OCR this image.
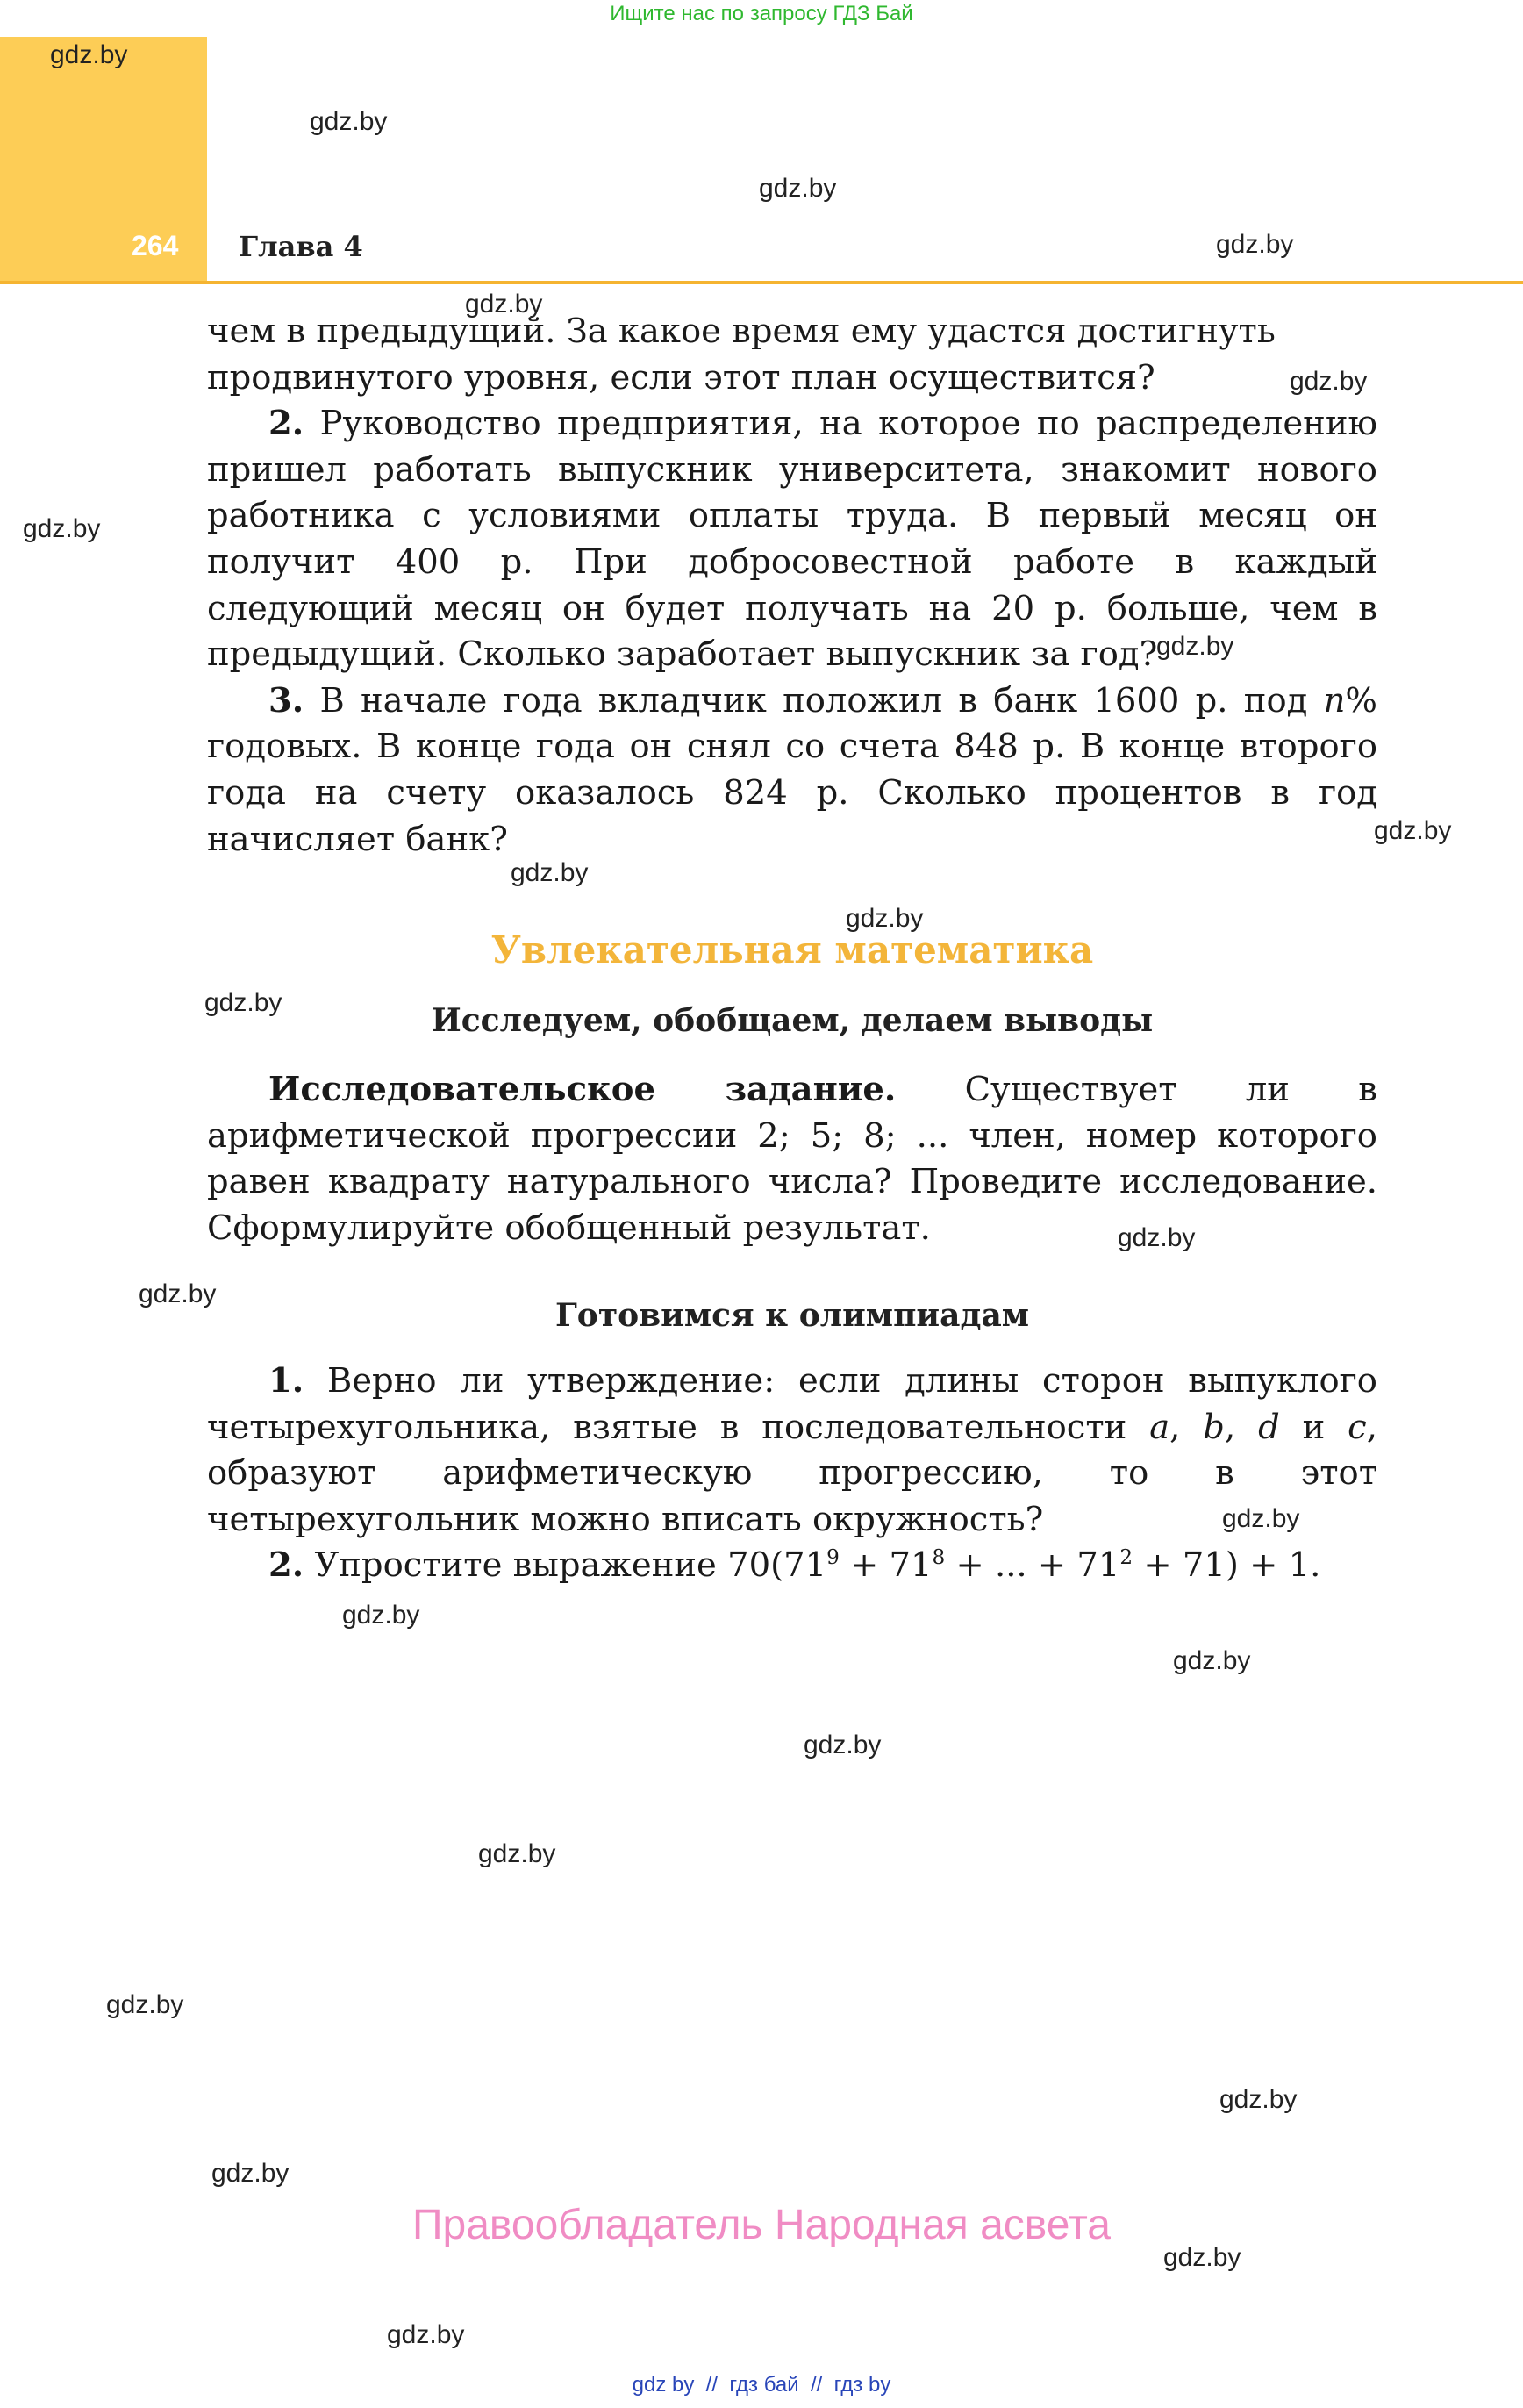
Ищите нас по запросу ГДЗ Бай
264 Глава 4

чем в предыдущий. За какое время ему удастся достигнуть

продвинутого уровня, если этот план осуществится?

2. Руководство предприятия, на которое по распределению пришел работать выпускник университета, знакомит нового работника с условиями оплаты труда. В первый месяц он получит 400 р. При добросовестной работе в каждый следующий месяц он будет получать на 20 р. больше, чем в предыдущий. Сколько заработает выпускник за год?

3. В начале года вкладчик положил в банк 1600 р. под n% годовых. В конце года он снял со счета 848 р. В конце второго года на счету оказалось 824 р. Сколько процентов в год начисляет банк?

Увлекательная математика
Исследуем, обобщаем, делаем выводы

Исследовательское задание. Существует ли в арифметической прогрессии 2; 5; 8; ... член, номер которого равен квадрату натурального числа? Проведите исследование. Сформулируйте обобщенный результат.

Готовимся к олимпиадам

1. Верно ли утверждение: если длины сторон выпуклого четырехугольника, взятые в последовательности a, b, d и c, образуют арифметическую прогрессию, то в этот четырехугольник можно вписать окружность?

2. Упростите выражение $70(71^9 + 71^8$ + ... + $71^2 + 71) + 1$.

gdz.by
gdz.by
gdz.by
gdz.by
gdz.by
gdz.by
gdz.by
gdz.by
gdz.by
gdz.by
gdz.by
gdz.by
gdz.by
gdz.by
gdz.by
gdz.by
gdz.by
gdz.by
gdz.by
gdz.by
gdz.by
gdz.by
gdz.by
gdz.by
Правообладатель Народная асвета
gdz by  //  гдз бай  //  гдз by
